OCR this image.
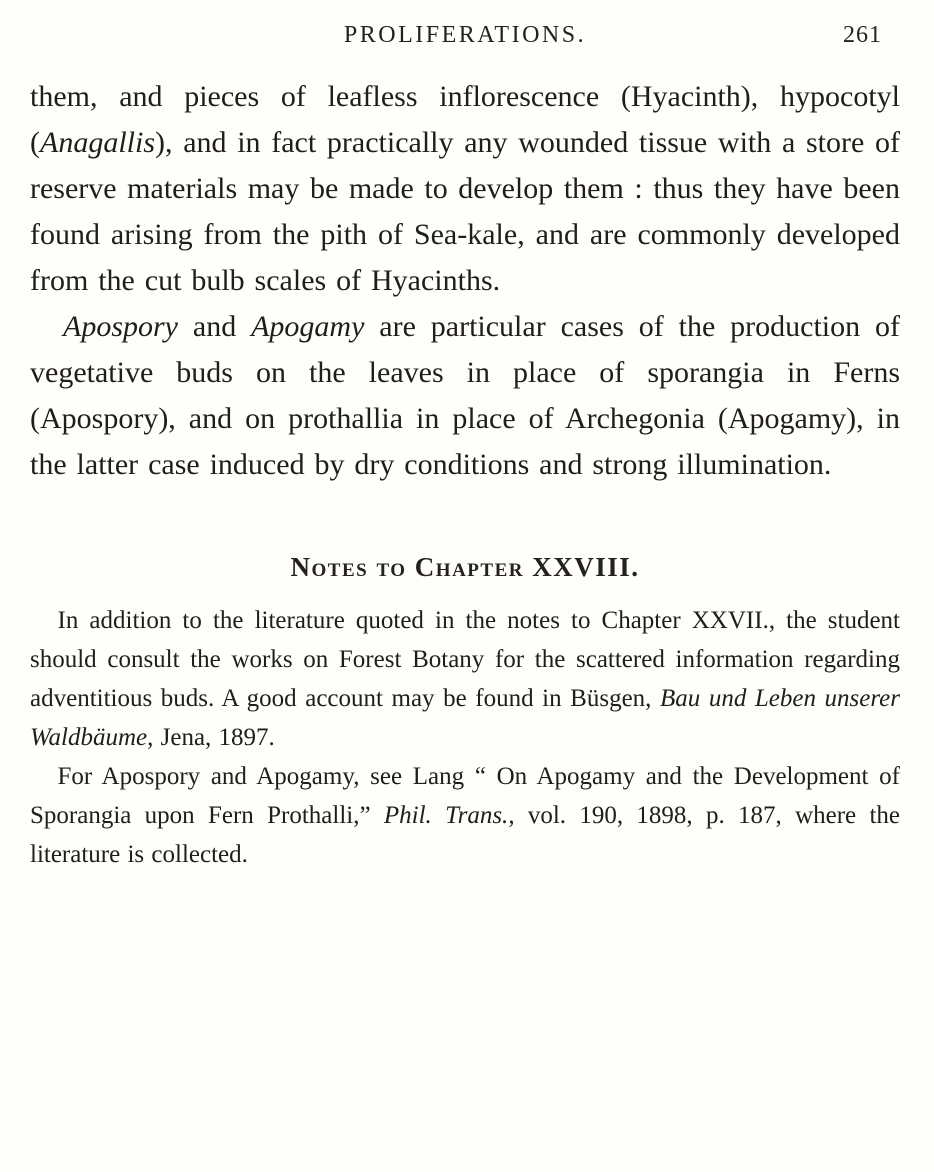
PROLIFERATIONS.	261

them, and pieces of leafless inflorescence (Hyacinth), hypocotyl (Anagallis), and in fact practically any wounded tissue with a store of reserve materials may be made to develop them : thus they have been found arising from the pith of Sea-kale, and are commonly developed from the cut bulb scales of Hyacinths.

Apospory and Apogamy are particular cases of the production of vegetative buds on the leaves in place of sporangia in Ferns (Apospory), and on prothallia in place of Archegonia (Apogamy), in the latter case induced by dry conditions and strong illumination.

Notes to Chapter XXVIII.

In addition to the literature quoted in the notes to Chapter XXVII., the student should consult the works on Forest Botany for the scattered information regarding adventitious buds. A good account may be found in Büsgen, Bau und Leben unserer Waldbäume, Jena, 1897.

For Apospory and Apogamy, see Lang “ On Apogamy and the Development of Sporangia upon Fern Prothalli,” Phil. Trans., vol. 190, 1898, p. 187, where the literature is collected.
